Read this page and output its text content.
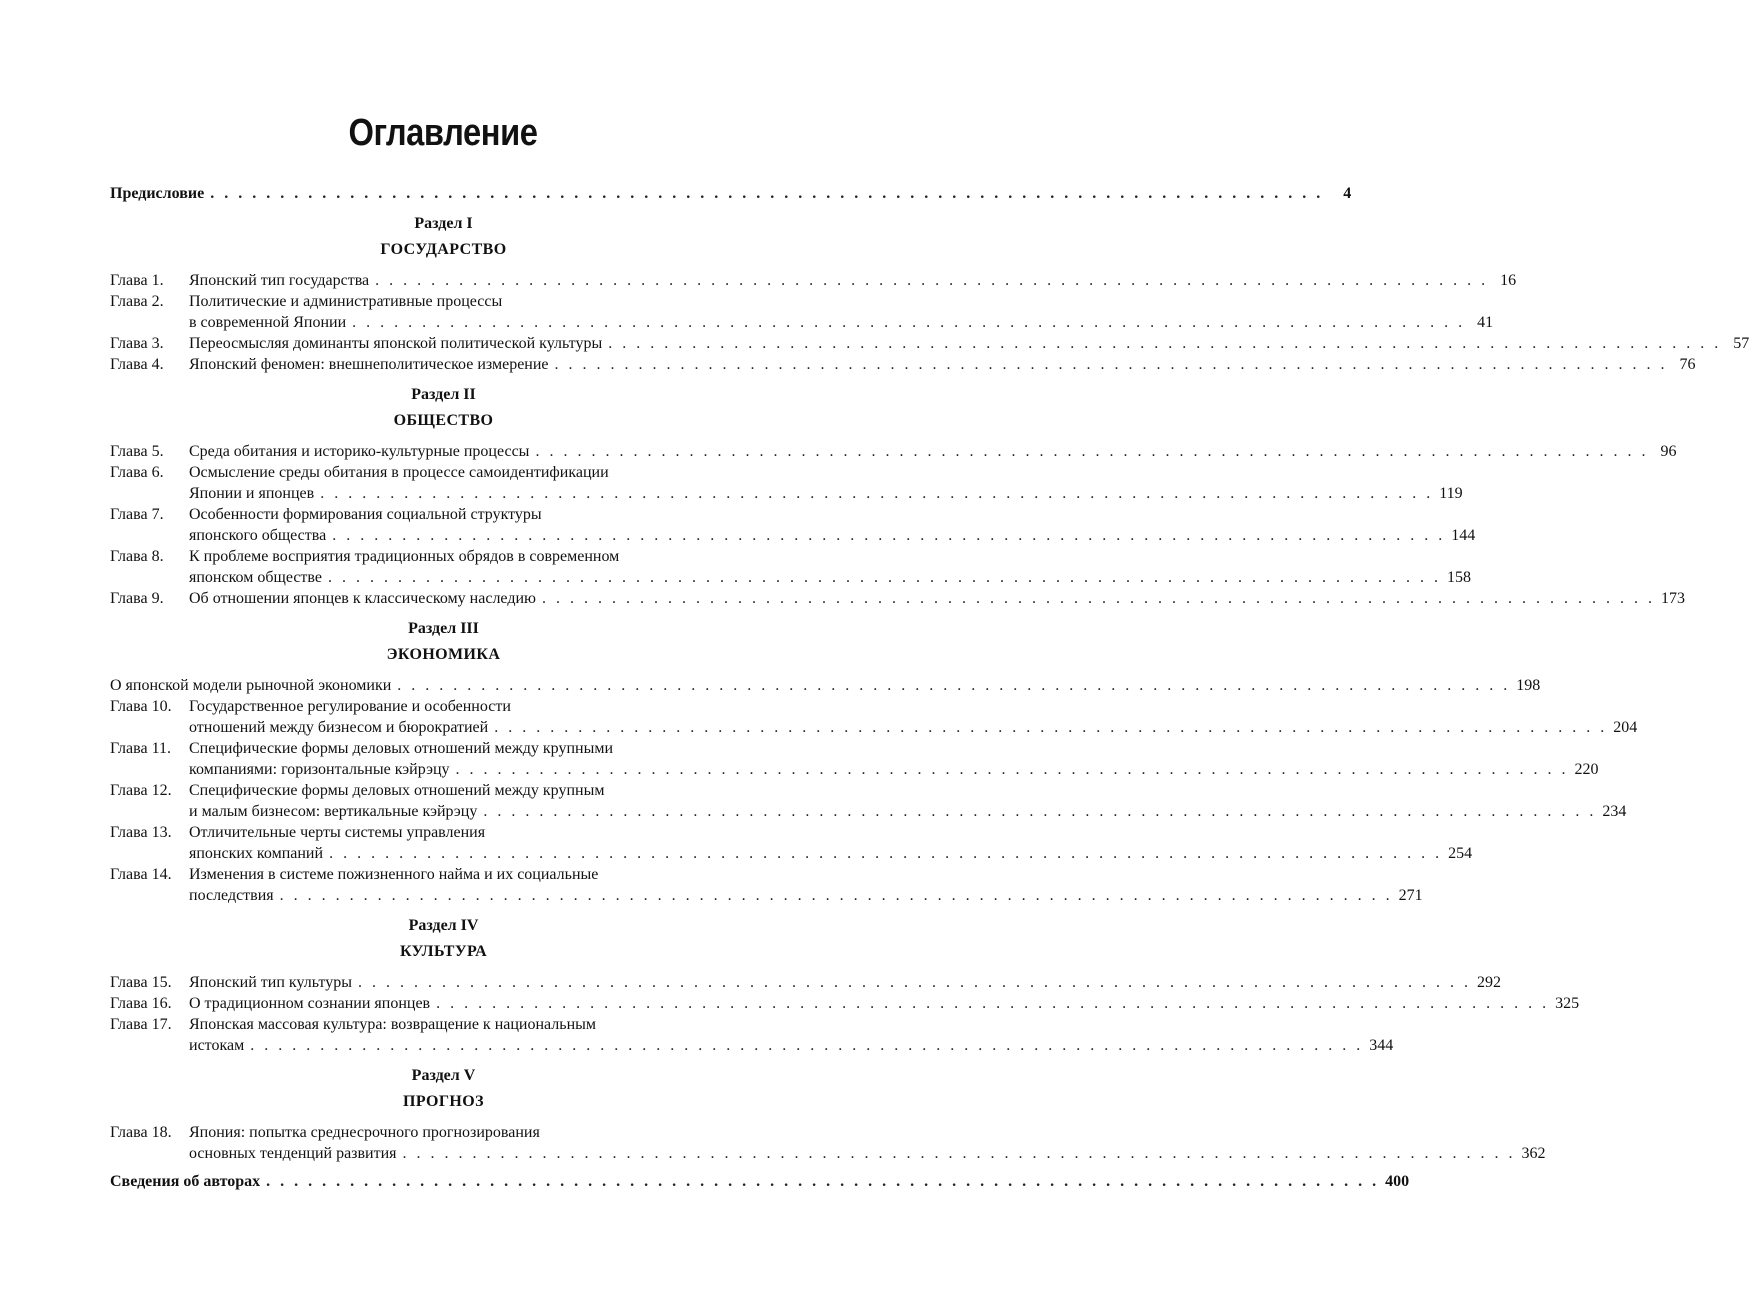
Оглавление
Предисловие . . . . . . . . . . . . . . . . . . . . . . . . . . . . . . . . . . . . . . . . . . . . . . . . . . . . . . . . . . . . . . . . . . . . . . . . . . . . . . . .	4
Раздел I
ГОСУДАРСТВО
Глава 1. Японский тип государства . . . . . . . . . . . . . . . . . . . . . . . . . . . . . . . . . . . . . . . . . . . . . . . . . . . . . . . . . . . . . . . . . . . . . . . . . . . . . . . . 16
Глава 2. Политические и административные процессы
в современной Японии . . . . . . . . . . . . . . . . . . . . . . . . . . . . . . . . . . . . . . . . . . . . . . . . . . . . . . . . . . . . . . . . . . . . . . . . . . . . . . . . 41
Глава 3. Переосмысляя доминанты японской политической культуры . . . . . . . . . . . . . . . . . . . . . . . . . . . . . . . . . . . . . . . . . . . . . . . . . . . . . . . . . . . . . . . . . . . . . . . . . . . . . . . . 57
Глава 4. Японский феномен: внешнеполитическое измерение . . . . . . . . . . . . . . . . . . . . . . . . . . . . . . . . . . . . . . . . . . . . . . . . . . . . . . . . . . . . . . . . . . . . . . . . . . . . . . . . 76
Раздел II
ОБЩЕСТВО
Глава 5. Среда обитания и историко-культурные процессы . . . . . . . . . . . . . . . . . . . . . . . . . . . . . . . . . . . . . . . . . . . . . . . . . . . . . . . . . . . . . . . . . . . . . . . . . . . . . . . . 96
Глава 6. Осмысление среды обитания в процессе самоидентификации
Японии и японцев . . . . . . . . . . . . . . . . . . . . . . . . . . . . . . . . . . . . . . . . . . . . . . . . . . . . . . . . . . . . . . . . . . . . . . . . . . . . . . . . 119
Глава 7. Особенности формирования социальной структуры
японского общества . . . . . . . . . . . . . . . . . . . . . . . . . . . . . . . . . . . . . . . . . . . . . . . . . . . . . . . . . . . . . . . . . . . . . . . . . . . . . . . . 144
Глава 8. К проблеме восприятия традиционных обрядов в современном
японском обществе . . . . . . . . . . . . . . . . . . . . . . . . . . . . . . . . . . . . . . . . . . . . . . . . . . . . . . . . . . . . . . . . . . . . . . . . . . . . . . . . 158
Глава 9. Об отношении японцев к классическому наследию . . . . . . . . . . . . . . . . . . . . . . . . . . . . . . . . . . . . . . . . . . . . . . . . . . . . . . . . . . . . . . . . . . . . . . . . . . . . . . . . 173
Раздел III
ЭКОНОМИКА
О японской модели рыночной экономики . . . . . . . . . . . . . . . . . . . . . . . . . . . . . . . . . . . . . . . . . . . . . . . . . . . . . . . . . . . . . . . . . . . . . . . . . . . . . . . . 198
Глава 10. Государственное регулирование и особенности
отношений между бизнесом и бюрократией . . . . . . . . . . . . . . . . . . . . . . . . . . . . . . . . . . . . . . . . . . . . . . . . . . . . . . . . . . . . . . . . . . . . . . . . . . . . . . . . 204
Глава 11. Специфические формы деловых отношений между крупными
компаниями: горизонтальные кэйрэцу . . . . . . . . . . . . . . . . . . . . . . . . . . . . . . . . . . . . . . . . . . . . . . . . . . . . . . . . . . . . . . . . . . . . . . . . . . . . . . . . 220
Глава 12. Специфические формы деловых отношений между крупным
и малым бизнесом: вертикальные кэйрэцу . . . . . . . . . . . . . . . . . . . . . . . . . . . . . . . . . . . . . . . . . . . . . . . . . . . . . . . . . . . . . . . . . . . . . . . . . . . . . . . . 234
Глава 13. Отличительные черты системы управления
японских компаний . . . . . . . . . . . . . . . . . . . . . . . . . . . . . . . . . . . . . . . . . . . . . . . . . . . . . . . . . . . . . . . . . . . . . . . . . . . . . . . . 254
Глава 14. Изменения в системе пожизненного найма и их социальные
последствия . . . . . . . . . . . . . . . . . . . . . . . . . . . . . . . . . . . . . . . . . . . . . . . . . . . . . . . . . . . . . . . . . . . . . . . . . . . . . . . . 271
Раздел IV
КУЛЬТУРА
Глава 15. Японский тип культуры . . . . . . . . . . . . . . . . . . . . . . . . . . . . . . . . . . . . . . . . . . . . . . . . . . . . . . . . . . . . . . . . . . . . . . . . . . . . . . . . 292
Глава 16. О традиционном сознании японцев . . . . . . . . . . . . . . . . . . . . . . . . . . . . . . . . . . . . . . . . . . . . . . . . . . . . . . . . . . . . . . . . . . . . . . . . . . . . . . . . 325
Глава 17. Японская массовая культура: возвращение к национальным
истокам . . . . . . . . . . . . . . . . . . . . . . . . . . . . . . . . . . . . . . . . . . . . . . . . . . . . . . . . . . . . . . . . . . . . . . . . . . . . . . . . 344
Раздел V
ПРОГНОЗ
Глава 18. Япония: попытка среднесрочного прогнозирования
основных тенденций развития . . . . . . . . . . . . . . . . . . . . . . . . . . . . . . . . . . . . . . . . . . . . . . . . . . . . . . . . . . . . . . . . . . . . . . . . . . . . . . . . 362
Сведения об авторах . . . . . . . . . . . . . . . . . . . . . . . . . . . . . . . . . . . . . . . . . . . . . . . . . . . . . . . . . . . . . . . . . . . . . . . . . . . . . . . . 400
